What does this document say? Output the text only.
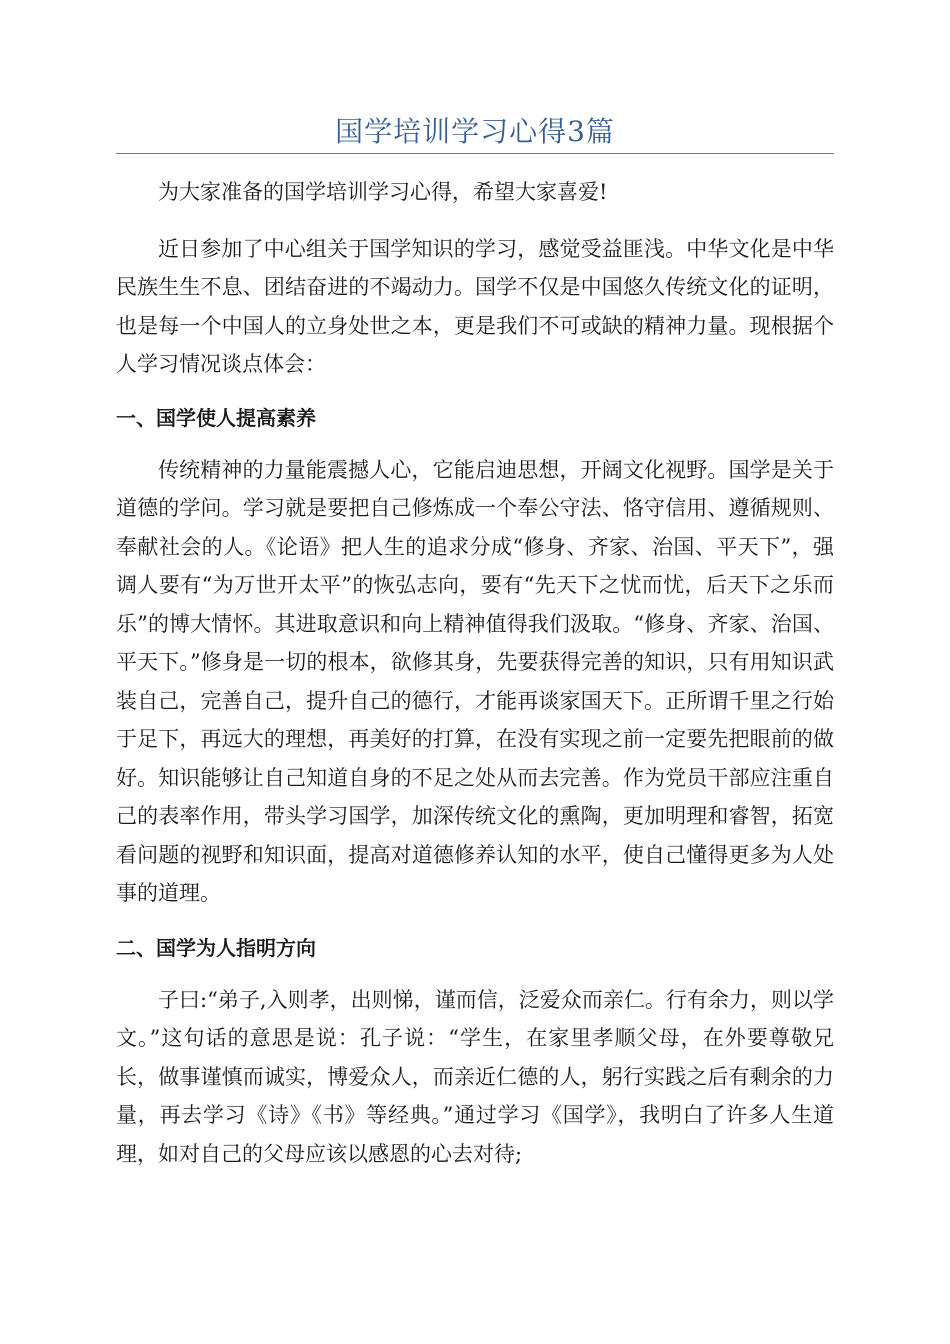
国学培训学习心得3篇

为大家准备的国学培训学习心得，希望大家喜爱!

近日参加了中心组关于国学知识的学习，感觉受益匪浅。中华文化是中华民族生生不息、团结奋进的不竭动力。国学不仅是中国悠久传统文化的证明，也是每一个中国人的立身处世之本，更是我们不可或缺的精神力量。现根据个人学习情况谈点体会：

一、国学使人提高素养

传统精神的力量能震撼人心，它能启迪思想，开阔文化视野。国学是关于道德的学问。学习就是要把自己修炼成一个奉公守法、恪守信用、遵循规则、奉献社会的人。《论语》把人生的追求分成“修身、齐家、治国、平天下”，强调人要有“为万世开太平”的恢弘志向，要有“先天下之忧而忧，后天下之乐而乐”的博大情怀。其进取意识和向上精神值得我们汲取。“修身、齐家、治国、平天下。”修身是一切的根本，欲修其身，先要获得完善的知识，只有用知识武装自己，完善自己，提升自己的德行，才能再谈家国天下。正所谓千里之行始于足下，再远大的理想，再美好的打算，在没有实现之前一定要先把眼前的做好。知识能够让自己知道自身的不足之处从而去完善。作为党员干部应注重自己的表率作用，带头学习国学，加深传统文化的熏陶，更加明理和睿智，拓宽看问题的视野和知识面，提高对道德修养认知的水平，使自己懂得更多为人处事的道理。

二、国学为人指明方向

子曰:“弟子,入则孝，出则悌，谨而信，泛爱众而亲仁。行有余力，则以学文。”这句话的意思是说：孔子说：“学生，在家里孝顺父母，在外要尊敬兄长，做事谨慎而诚实，博爱众人，而亲近仁德的人，躬行实践之后有剩余的力量，再去学习《诗》《书》等经典。”通过学习《国学》，我明白了许多人生道理，如对自己的父母应该以感恩的心去对待;
